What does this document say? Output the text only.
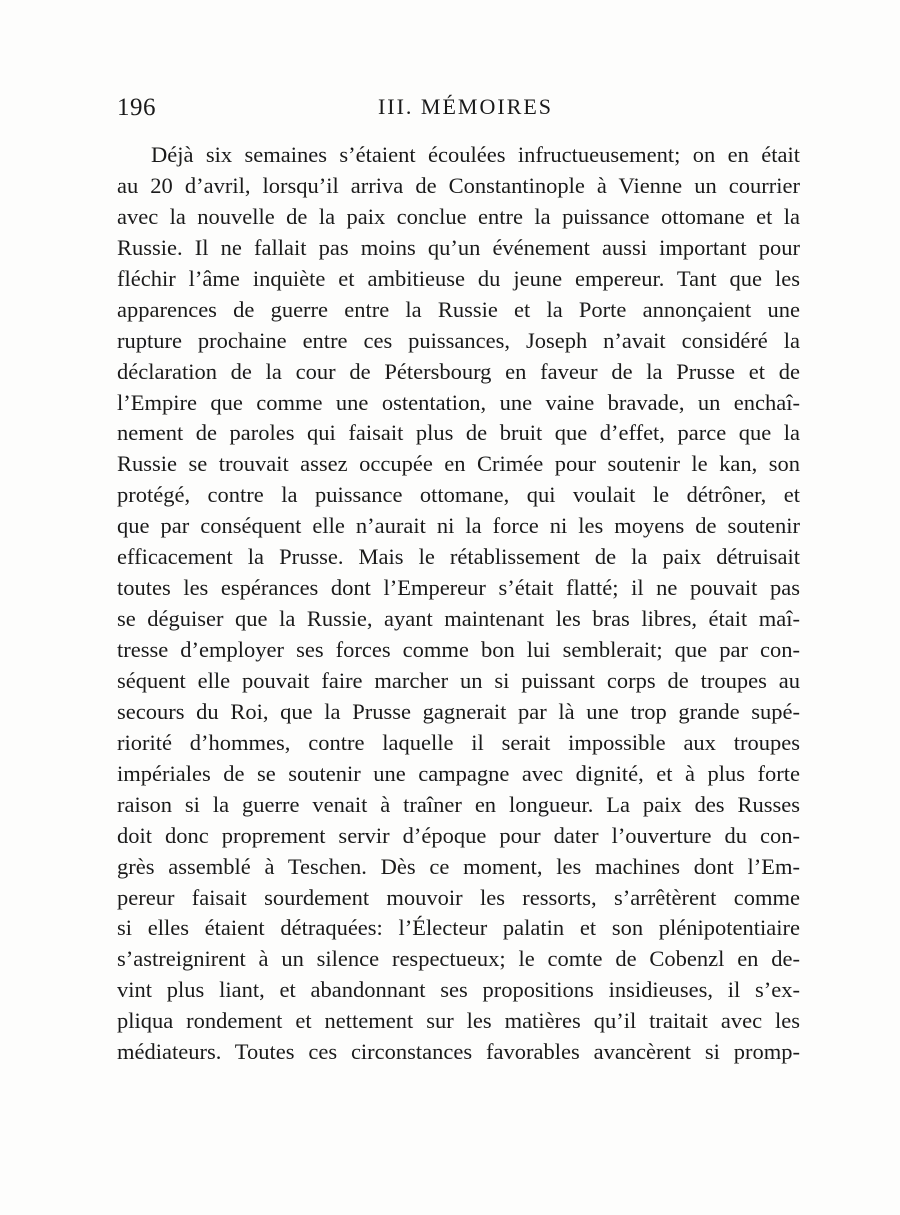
196	III. MÉMOIRES
Déjà six semaines s’étaient écoulées infructueusement; on en était
au 20 d’avril, lorsqu’il arriva de Constantinople à Vienne un courrier
avec la nouvelle de la paix conclue entre la puissance ottomane et la
Russie. Il ne fallait pas moins qu’un événement aussi important pour
fléchir l’âme inquiète et ambitieuse du jeune empereur. Tant que les
apparences de guerre entre la Russie et la Porte annonçaient une
rupture prochaine entre ces puissances, Joseph n’avait considéré la
déclaration de la cour de Pétersbourg en faveur de la Prusse et de
l’Empire que comme une ostentation, une vaine bravade, un enchaî-
nement de paroles qui faisait plus de bruit que d’effet, parce que la
Russie se trouvait assez occupée en Crimée pour soutenir le kan, son
protégé, contre la puissance ottomane, qui voulait le détrôner, et
que par conséquent elle n’aurait ni la force ni les moyens de soutenir
efficacement la Prusse. Mais le rétablissement de la paix détruisait
toutes les espérances dont l’Empereur s’était flatté; il ne pouvait pas
se déguiser que la Russie, ayant maintenant les bras libres, était maî-
tresse d’employer ses forces comme bon lui semblerait; que par con-
séquent elle pouvait faire marcher un si puissant corps de troupes au
secours du Roi, que la Prusse gagnerait par là une trop grande supé-
riorité d’hommes, contre laquelle il serait impossible aux troupes
impériales de se soutenir une campagne avec dignité, et à plus forte
raison si la guerre venait à traîner en longueur. La paix des Russes
doit donc proprement servir d’époque pour dater l’ouverture du con-
grès assemblé à Teschen. Dès ce moment, les machines dont l’Em-
pereur faisait sourdement mouvoir les ressorts, s’arrêtèrent comme
si elles étaient détraquées: l’Électeur palatin et son plénipotentiaire
s’astreignirent à un silence respectueux; le comte de Cobenzl en de-
vint plus liant, et abandonnant ses propositions insidieuses, il s’ex-
pliqua rondement et nettement sur les matières qu’il traitait avec les
médiateurs. Toutes ces circonstances favorables avancèrent si promp-
